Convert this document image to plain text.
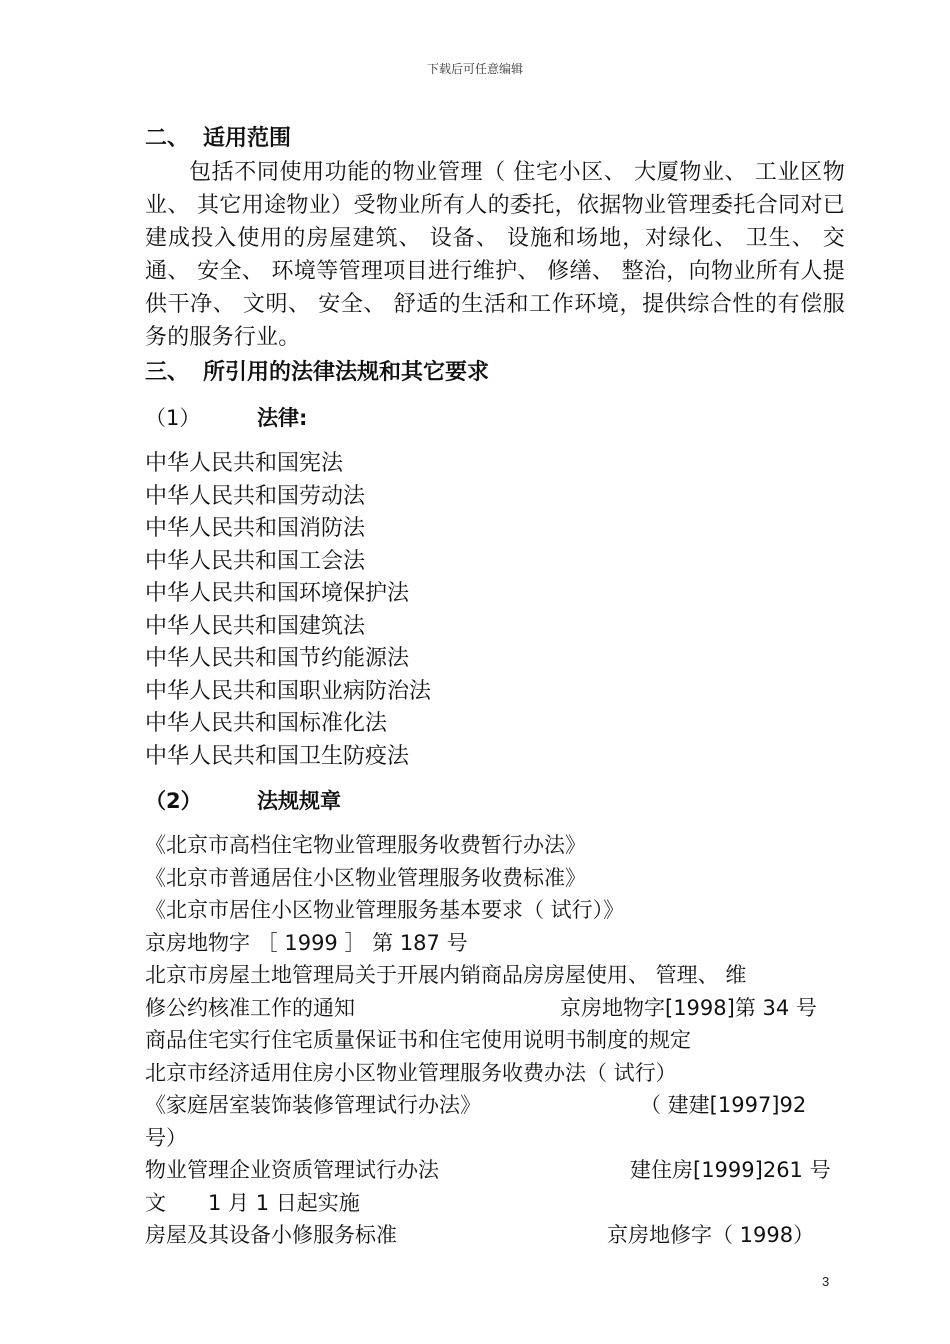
下载后可任意编辑

二、 适用范围

包括不同使用功能的物业管理（ 住宅小区、 大厦物业、 工业区物业、 其它用途物业）受物业所有人的委托，依据物业管理委托合同对已建成投入使用的房屋建筑、 设备、 设施和场地，对绿化、 卫生、 交通、 安全、 环境等管理项目进行维护、 修缮、 整治，向物业所有人提供干净、 文明、 安全、 舒适的生活和工作环境，提供综合性的有偿服务的服务行业。

三、 所引用的法律法规和其它要求

（1）	法律:

中华人民共和国宪法
中华人民共和国劳动法
中华人民共和国消防法
中华人民共和国工会法
中华人民共和国环境保护法
中华人民共和国建筑法
中华人民共和国节约能源法
中华人民共和国职业病防治法
中华人民共和国标准化法
中华人民共和国卫生防疫法

（2）	法规规章

《北京市高档住宅物业管理服务收费暂行办法》

《北京市普通居住小区物业管理服务收费标准》

《北京市居住小区物业管理服务基本要求（ 试行）》

京房地物字 ［ 1999 ］ 第 187 号

北京市房屋土地管理局关于开展内销商品房房屋使用、 管理、 维

修公约核准工作的通知	京房地物字[1998]第 34 号

商品住宅实行住宅质量保证书和住宅使用说明书制度的规定

北京市经济适用住房小区物业管理服务收费办法（ 试行）

《家庭居室装饰装修管理试行办法》	（ 建建[1997]92

号）

物业管理企业资质管理试行办法	建住房[1999]261 号

文　　1 月 1 日起实施

房屋及其设备小修服务标准	京房地修字（ 1998）

3
